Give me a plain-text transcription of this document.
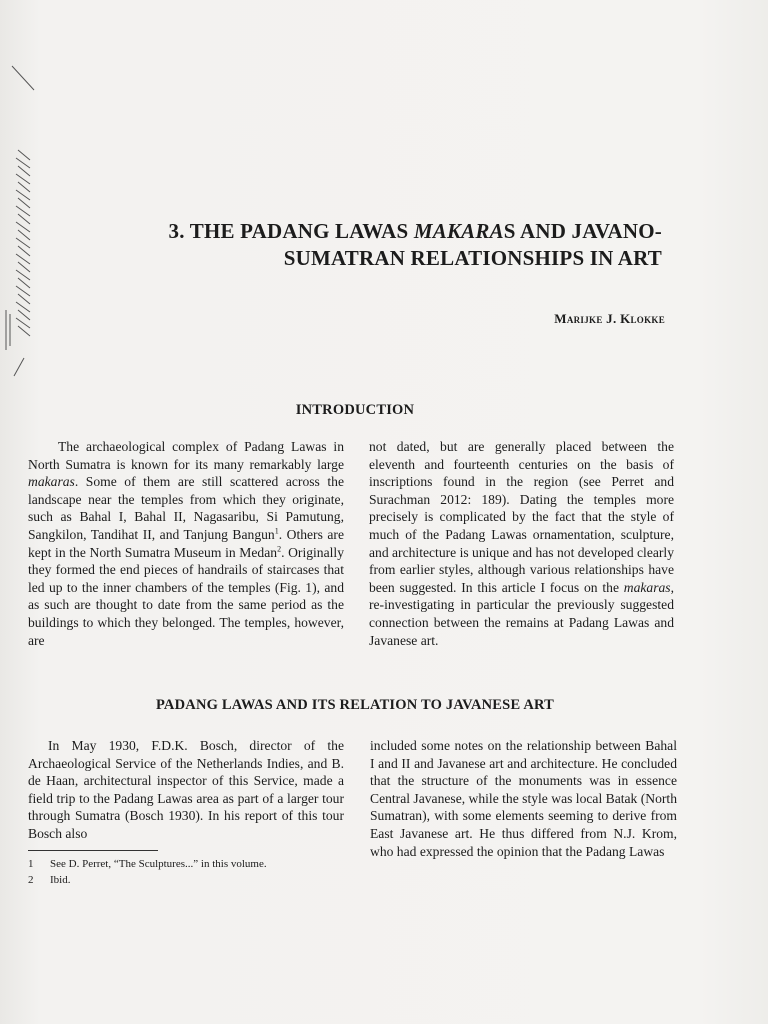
3. THE PADANG LAWAS MAKARAS AND JAVANO-
SUMATRAN RELATIONSHIPS IN ART
Marijke J. Klokke
INTRODUCTION

The archaeological complex of Padang Lawas in North Sumatra is known for its many remarkably large makaras. Some of them are still scattered across the landscape near the temples from which they originate, such as Bahal I, Bahal II, Nagasaribu, Si Pamutung, Sangkilon, Tandihat II, and Tanjung Bangun$^1$. Others are kept in the North Sumatra Museum in Medan$^2$. Originally they formed the end pieces of handrails of staircases that led up to the inner chambers of the temples (Fig. 1), and as such are thought to date from the same period as the buildings to which they belonged. The temples, however, are

not dated, but are generally placed between the eleventh and fourteenth centuries on the basis of inscriptions found in the region (see Perret and Surachman 2012: 189). Dating the temples more precisely is complicated by the fact that the style of much of the Padang Lawas ornamentation, sculpture, and architecture is unique and has not developed clearly from earlier styles, although various relationships have been suggested. In this article I focus on the makaras, re-investigating in particular the previously suggested connection between the remains at Padang Lawas and Javanese art.

PADANG LAWAS AND ITS RELATION TO JAVANESE ART

In May 1930, F.D.K. Bosch, director of the Archaeological Service of the Netherlands Indies, and B. de Haan, architectural inspector of this Service, made a field trip to the Padang Lawas area as part of a larger tour through Sumatra (Bosch 1930). In his report of this tour Bosch also

included some notes on the relationship between Bahal I and II and Javanese art and architecture. He concluded that the structure of the monuments was in essence Central Javanese, while the style was local Batak (North Sumatran), with some elements seeming to derive from East Javanese art. He thus differed from N.J. Krom, who had expressed the opinion that the Padang Lawas

1	See D. Perret, “The Sculptures...” in this volume.
2	Ibid.
